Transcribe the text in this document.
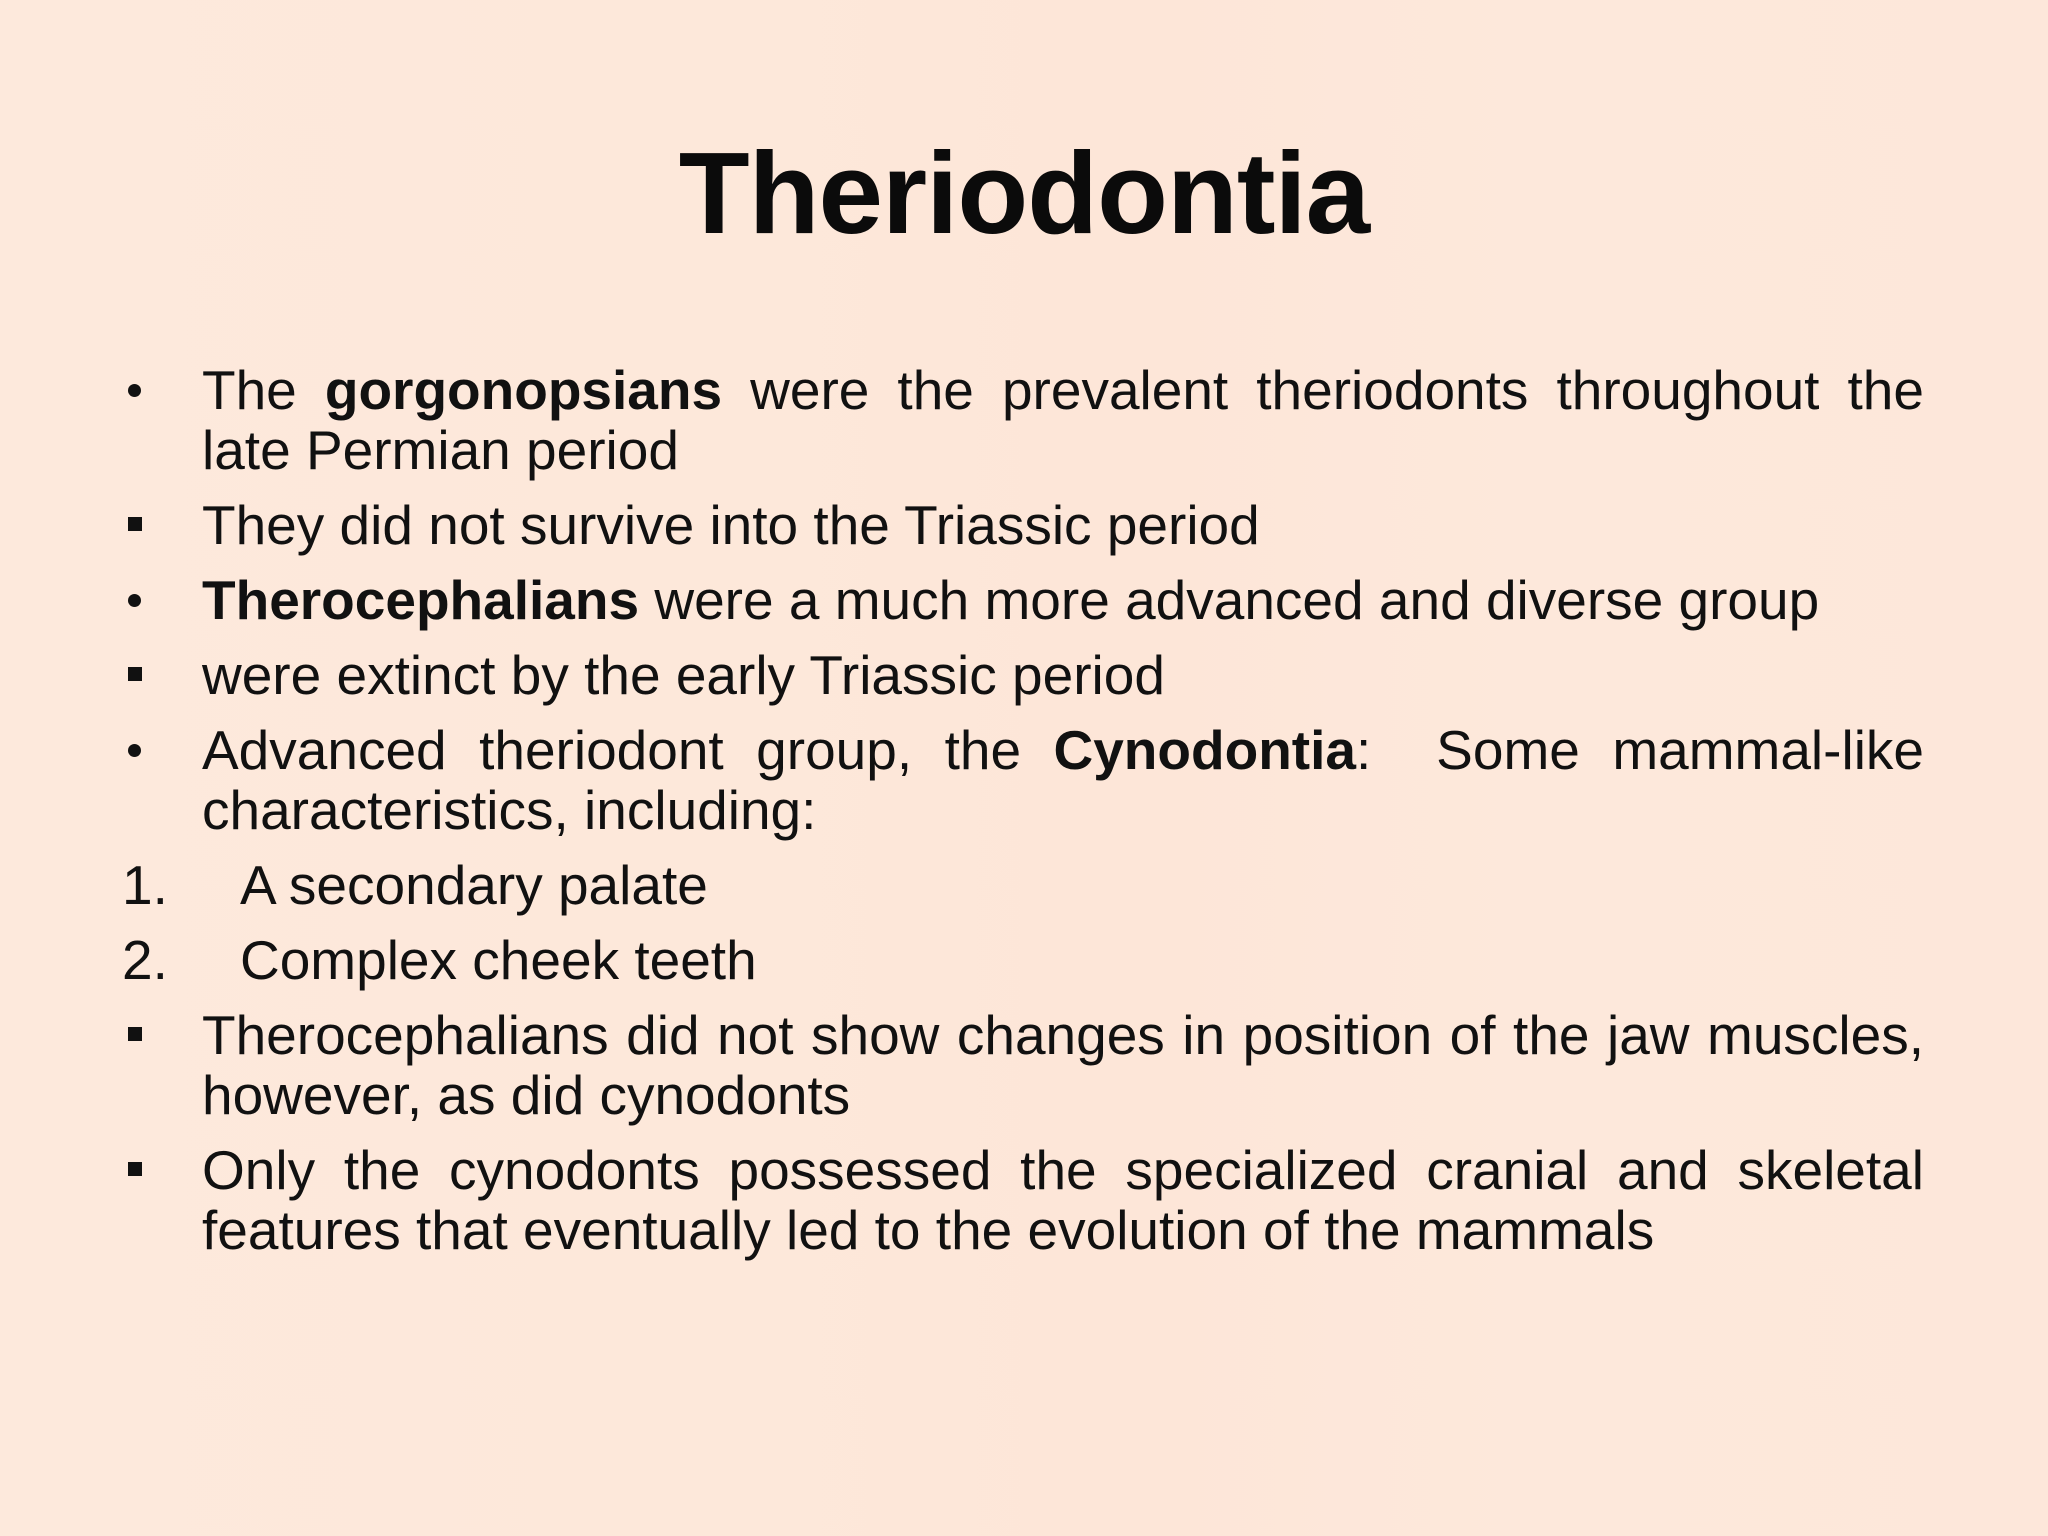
Theriodontia
The gorgonopsians were the prevalent theriodonts throughout the late Permian period
They did not survive into the Triassic period
Therocephalians were a much more advanced and diverse group
were extinct by the early Triassic period
Advanced theriodont group, the Cynodontia:  Some mammal-like characteristics, including:
1. A secondary palate
2. Complex cheek teeth
Therocephalians did not show changes in position of the jaw muscles, however, as did cynodonts
Only the cynodonts possessed the specialized cranial and skeletal features that eventually led to the evolution of the mammals
